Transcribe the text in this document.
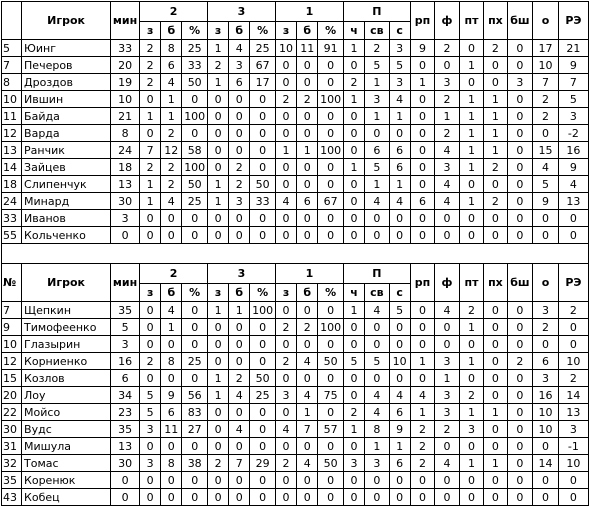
	Игрок	мин	2			3			1			П			рп	ф	пт	пх	бш	о	РЭ
			з	б	%	з	б	%	з	б	%	ч	св	с							
5	Юинг	33	2	8	25	1	4	25	10	11	91	1	2	3	9	2	0	2	0	17	21
7	Печеров	20	2	6	33	2	3	67	0	0	0	0	5	5	0	0	1	0	0	10	9
8	Дроздов	19	2	4	50	1	6	17	0	0	0	2	1	3	1	3	0	0	3	7	7
10	Ившин	10	0	1	0	0	0	0	2	2	100	1	3	4	0	2	1	1	0	2	5
11	Байда	21	1	1	100	0	0	0	0	0	0	0	1	1	0	1	1	1	0	2	3
12	Варда	8	0	2	0	0	0	0	0	0	0	0	0	0	0	2	1	1	0	0	-2
13	Ранчик	24	7	12	58	0	0	0	1	1	100	0	6	6	0	4	1	1	0	15	16
14	Зайцев	18	2	2	100	0	2	0	0	0	0	1	5	6	0	3	1	2	0	4	9
18	Слипенчук	13	1	2	50	1	2	50	0	0	0	0	1	1	0	4	0	0	0	5	4
24	Минард	30	1	4	25	1	3	33	4	6	67	0	4	4	6	4	1	2	0	9	13
33	Иванов	3	0	0	0	0	0	0	0	0	0	0	0	0	0	0	0	0	0	0	0
55	Кольченко	0	0	0	0	0	0	0	0	0	0	0	0	0	0	0	0	0	0	0	0

№	Игрок	мин	2			3			1			П			рп	ф	пт	пх	бш	о	РЭ
			з	б	%	з	б	%	з	б	%	ч	св	с							
7	Щепкин	35	0	4	0	1	1	100	0	0	0	1	4	5	0	4	2	0	0	3	2
9	Тимофеенко	5	0	1	0	0	0	0	2	2	100	0	0	0	0	0	1	0	0	2	0
10	Глазырин	3	0	0	0	0	0	0	0	0	0	0	0	0	0	0	0	0	0	0	0
12	Корниенко	16	2	8	25	0	0	0	2	4	50	5	5	10	1	3	1	0	2	6	10
15	Козлов	6	0	0	0	1	2	50	0	0	0	0	0	0	0	1	0	0	0	3	2
20	Лоу	34	5	9	56	1	4	25	3	4	75	0	4	4	4	3	2	0	0	16	14
22	Мойсо	23	5	6	83	0	0	0	0	1	0	2	4	6	1	3	1	1	0	10	13
30	Вудс	35	3	11	27	0	4	0	4	7	57	1	8	9	2	2	3	0	0	10	3
31	Мишула	13	0	0	0	0	0	0	0	0	0	0	1	1	2	0	0	0	0	0	-1
32	Томас	30	3	8	38	2	7	29	2	4	50	3	3	6	2	4	1	1	0	14	10
35	Коренюк	0	0	0	0	0	0	0	0	0	0	0	0	0	0	0	0	0	0	0	0
43	Кобец	0	0	0	0	0	0	0	0	0	0	0	0	0	0	0	0	0	0	0	0
